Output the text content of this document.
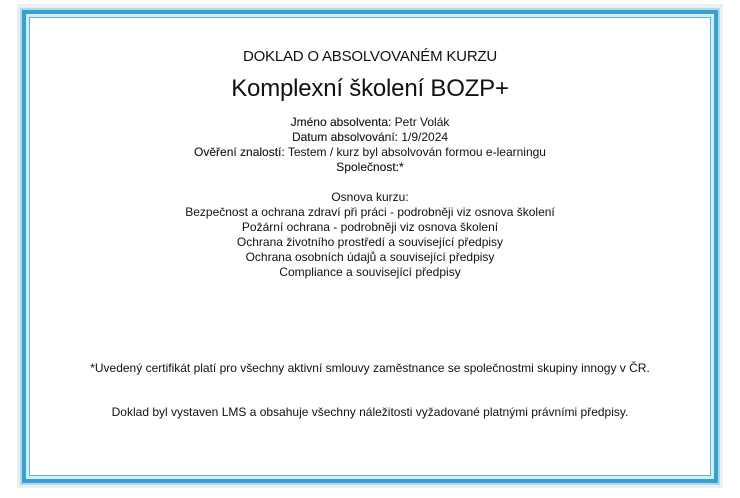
DOKLAD O ABSOLVOVANÉM KURZU
Komplexní školení BOZP+
Jméno absolventa: Petr Volák
Datum absolvování: 1/9/2024
Ověření znalostí: Testem / kurz byl absolvován formou e-learningu
Společnost:*
Osnova kurzu:
Bezpečnost a ochrana zdraví při práci - podrobněji viz osnova školení
Požární ochrana - podrobněji viz osnova školení
Ochrana životního prostředí a související předpisy
Ochrana osobních údajů a související předpisy
Compliance a související předpisy
*Uvedený certifikát platí pro všechny aktivní smlouvy zaměstnance se společnostmi skupiny innogy v ČR.
Doklad byl vystaven LMS a obsahuje všechny náležitosti vyžadované platnými právními předpisy.
